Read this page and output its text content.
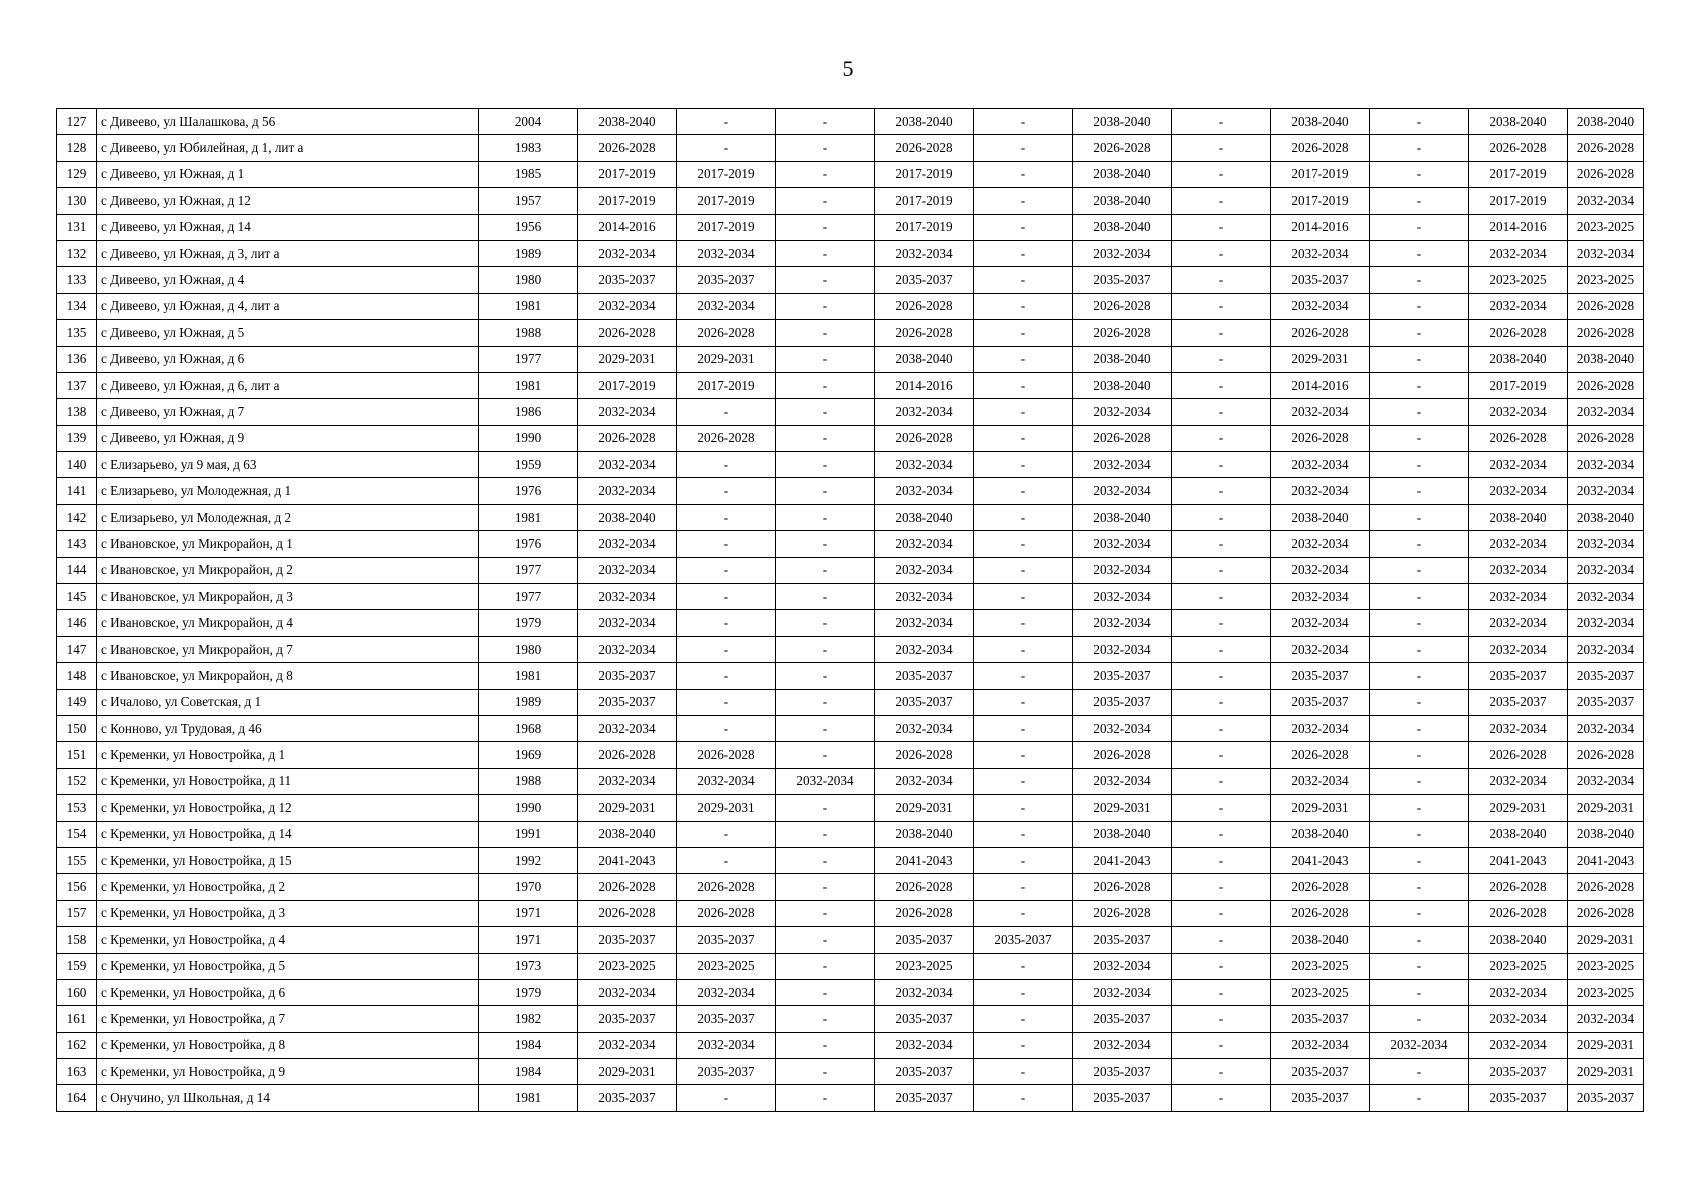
5
127	с Дивеево, ул Шалашкова, д 56	2004	2038-2040	-	-	2038-2040	-	2038-2040	-	2038-2040	-	2038-2040	2038-2040
128	с Дивеево, ул Юбилейная, д 1, лит а	1983	2026-2028	-	-	2026-2028	-	2026-2028	-	2026-2028	-	2026-2028	2026-2028
129	с Дивеево, ул Южная, д 1	1985	2017-2019	2017-2019	-	2017-2019	-	2038-2040	-	2017-2019	-	2017-2019	2026-2028
130	с Дивеево, ул Южная, д 12	1957	2017-2019	2017-2019	-	2017-2019	-	2038-2040	-	2017-2019	-	2017-2019	2032-2034
131	с Дивеево, ул Южная, д 14	1956	2014-2016	2017-2019	-	2017-2019	-	2038-2040	-	2014-2016	-	2014-2016	2023-2025
132	с Дивеево, ул Южная, д 3, лит а	1989	2032-2034	2032-2034	-	2032-2034	-	2032-2034	-	2032-2034	-	2032-2034	2032-2034
133	с Дивеево, ул Южная, д 4	1980	2035-2037	2035-2037	-	2035-2037	-	2035-2037	-	2035-2037	-	2023-2025	2023-2025
134	с Дивеево, ул Южная, д 4, лит а	1981	2032-2034	2032-2034	-	2026-2028	-	2026-2028	-	2032-2034	-	2032-2034	2026-2028
135	с Дивеево, ул Южная, д 5	1988	2026-2028	2026-2028	-	2026-2028	-	2026-2028	-	2026-2028	-	2026-2028	2026-2028
136	с Дивеево, ул Южная, д 6	1977	2029-2031	2029-2031	-	2038-2040	-	2038-2040	-	2029-2031	-	2038-2040	2038-2040
137	с Дивеево, ул Южная, д 6, лит а	1981	2017-2019	2017-2019	-	2014-2016	-	2038-2040	-	2014-2016	-	2017-2019	2026-2028
138	с Дивеево, ул Южная, д 7	1986	2032-2034	-	-	2032-2034	-	2032-2034	-	2032-2034	-	2032-2034	2032-2034
139	с Дивеево, ул Южная, д 9	1990	2026-2028	2026-2028	-	2026-2028	-	2026-2028	-	2026-2028	-	2026-2028	2026-2028
140	с Елизарьево, ул 9 мая, д 63	1959	2032-2034	-	-	2032-2034	-	2032-2034	-	2032-2034	-	2032-2034	2032-2034
141	с Елизарьево, ул Молодежная, д 1	1976	2032-2034	-	-	2032-2034	-	2032-2034	-	2032-2034	-	2032-2034	2032-2034
142	с Елизарьево, ул Молодежная, д 2	1981	2038-2040	-	-	2038-2040	-	2038-2040	-	2038-2040	-	2038-2040	2038-2040
143	с Ивановское, ул Микрорайон, д 1	1976	2032-2034	-	-	2032-2034	-	2032-2034	-	2032-2034	-	2032-2034	2032-2034
144	с Ивановское, ул Микрорайон, д 2	1977	2032-2034	-	-	2032-2034	-	2032-2034	-	2032-2034	-	2032-2034	2032-2034
145	с Ивановское, ул Микрорайон, д 3	1977	2032-2034	-	-	2032-2034	-	2032-2034	-	2032-2034	-	2032-2034	2032-2034
146	с Ивановское, ул Микрорайон, д 4	1979	2032-2034	-	-	2032-2034	-	2032-2034	-	2032-2034	-	2032-2034	2032-2034
147	с Ивановское, ул Микрорайон, д 7	1980	2032-2034	-	-	2032-2034	-	2032-2034	-	2032-2034	-	2032-2034	2032-2034
148	с Ивановское, ул Микрорайон, д 8	1981	2035-2037	-	-	2035-2037	-	2035-2037	-	2035-2037	-	2035-2037	2035-2037
149	с Ичалово, ул Советская, д 1	1989	2035-2037	-	-	2035-2037	-	2035-2037	-	2035-2037	-	2035-2037	2035-2037
150	с Конново, ул Трудовая, д 46	1968	2032-2034	-	-	2032-2034	-	2032-2034	-	2032-2034	-	2032-2034	2032-2034
151	с Кременки, ул Новостройка, д 1	1969	2026-2028	2026-2028	-	2026-2028	-	2026-2028	-	2026-2028	-	2026-2028	2026-2028
152	с Кременки, ул Новостройка, д 11	1988	2032-2034	2032-2034	2032-2034	2032-2034	-	2032-2034	-	2032-2034	-	2032-2034	2032-2034
153	с Кременки, ул Новостройка, д 12	1990	2029-2031	2029-2031	-	2029-2031	-	2029-2031	-	2029-2031	-	2029-2031	2029-2031
154	с Кременки, ул Новостройка, д 14	1991	2038-2040	-	-	2038-2040	-	2038-2040	-	2038-2040	-	2038-2040	2038-2040
155	с Кременки, ул Новостройка, д 15	1992	2041-2043	-	-	2041-2043	-	2041-2043	-	2041-2043	-	2041-2043	2041-2043
156	с Кременки, ул Новостройка, д 2	1970	2026-2028	2026-2028	-	2026-2028	-	2026-2028	-	2026-2028	-	2026-2028	2026-2028
157	с Кременки, ул Новостройка, д 3	1971	2026-2028	2026-2028	-	2026-2028	-	2026-2028	-	2026-2028	-	2026-2028	2026-2028
158	с Кременки, ул Новостройка, д 4	1971	2035-2037	2035-2037	-	2035-2037	2035-2037	2035-2037	-	2038-2040	-	2038-2040	2029-2031
159	с Кременки, ул Новостройка, д 5	1973	2023-2025	2023-2025	-	2023-2025	-	2032-2034	-	2023-2025	-	2023-2025	2023-2025
160	с Кременки, ул Новостройка, д 6	1979	2032-2034	2032-2034	-	2032-2034	-	2032-2034	-	2023-2025	-	2032-2034	2023-2025
161	с Кременки, ул Новостройка, д 7	1982	2035-2037	2035-2037	-	2035-2037	-	2035-2037	-	2035-2037	-	2032-2034	2032-2034
162	с Кременки, ул Новостройка, д 8	1984	2032-2034	2032-2034	-	2032-2034	-	2032-2034	-	2032-2034	2032-2034	2032-2034	2029-2031
163	с Кременки, ул Новостройка, д 9	1984	2029-2031	2035-2037	-	2035-2037	-	2035-2037	-	2035-2037	-	2035-2037	2029-2031
164	с Онучино, ул Школьная, д 14	1981	2035-2037	-	-	2035-2037	-	2035-2037	-	2035-2037	-	2035-2037	2035-2037
